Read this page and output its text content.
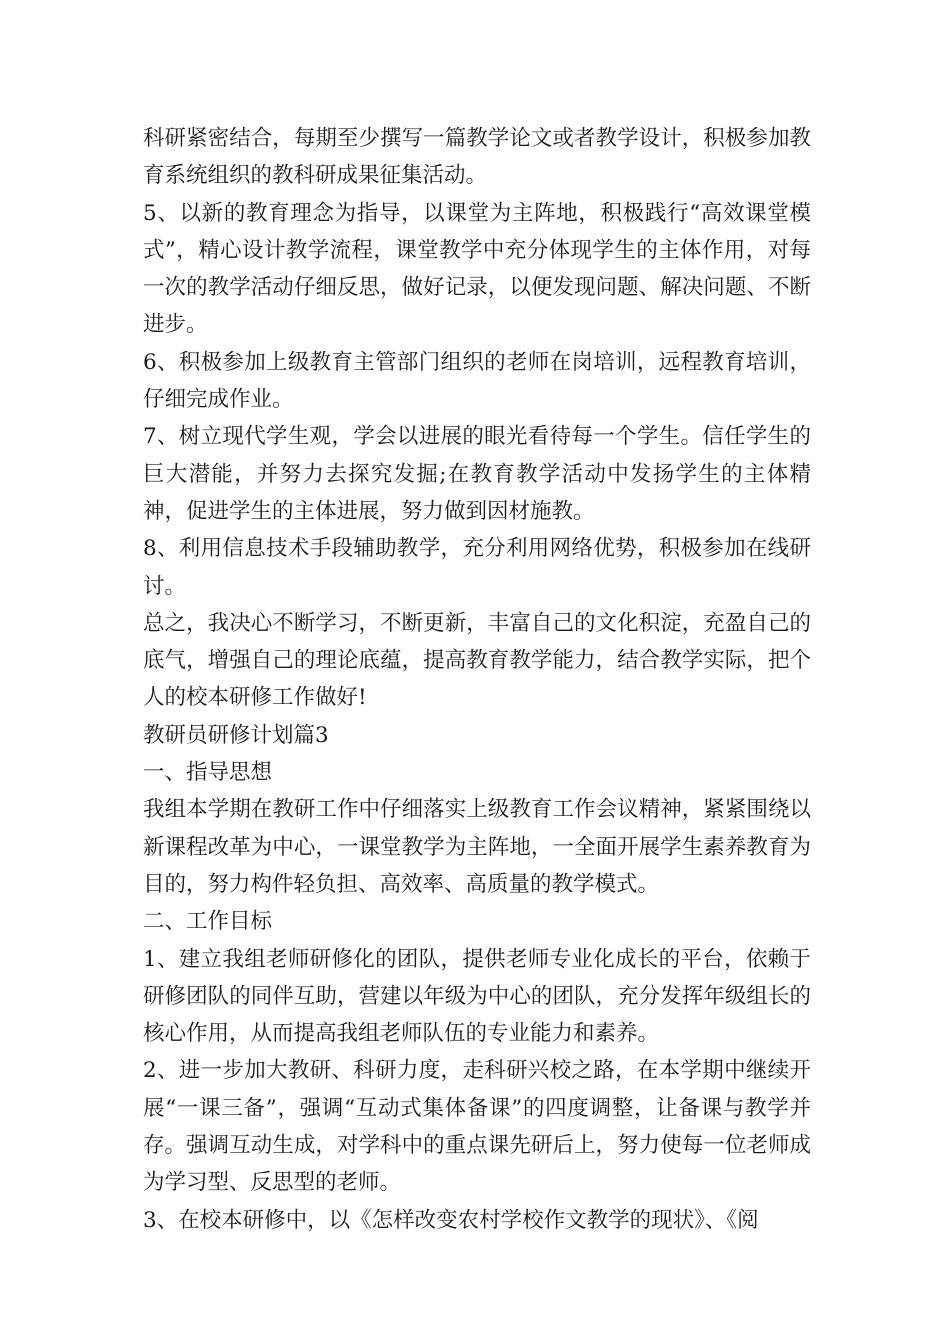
科研紧密结合，每期至少撰写一篇教学论文或者教学设计，积极参加教育系统组织的教科研成果征集活动。

5、以新的教育理念为指导，以课堂为主阵地，积极践行“高效课堂模式”，精心设计教学流程，课堂教学中充分体现学生的主体作用，对每一次的教学活动仔细反思，做好记录，以便发现问题、解决问题、不断进步。

6、积极参加上级教育主管部门组织的老师在岗培训，远程教育培训，仔细完成作业。

7、树立现代学生观，学会以进展的眼光看待每一个学生。信任学生的巨大潜能，并努力去探究发掘;在教育教学活动中发扬学生的主体精神，促进学生的主体进展，努力做到因材施教。

8、利用信息技术手段辅助教学，充分利用网络优势，积极参加在线研讨。

总之，我决心不断学习，不断更新，丰富自己的文化积淀，充盈自己的底气，增强自己的理论底蕴，提高教育教学能力，结合教学实际，把个人的校本研修工作做好!

教研员研修计划篇3

一、指导思想

我组本学期在教研工作中仔细落实上级教育工作会议精神，紧紧围绕以新课程改革为中心，一课堂教学为主阵地，一全面开展学生素养教育为目的，努力构件轻负担、高效率、高质量的教学模式。

二、工作目标

1、建立我组老师研修化的团队，提供老师专业化成长的平台，依赖于研修团队的同伴互助，营建以年级为中心的团队，充分发挥年级组长的核心作用，从而提高我组老师队伍的专业能力和素养。

2、进一步加大教研、科研力度，走科研兴校之路，在本学期中继续开展“一课三备”，强调“互动式集体备课”的四度调整，让备课与教学并存。强调互动生成，对学科中的重点课先研后上，努力使每一位老师成为学习型、反思型的老师。

3、在校本研修中，以《怎样改变农村学校作文教学的现状》、《阅
